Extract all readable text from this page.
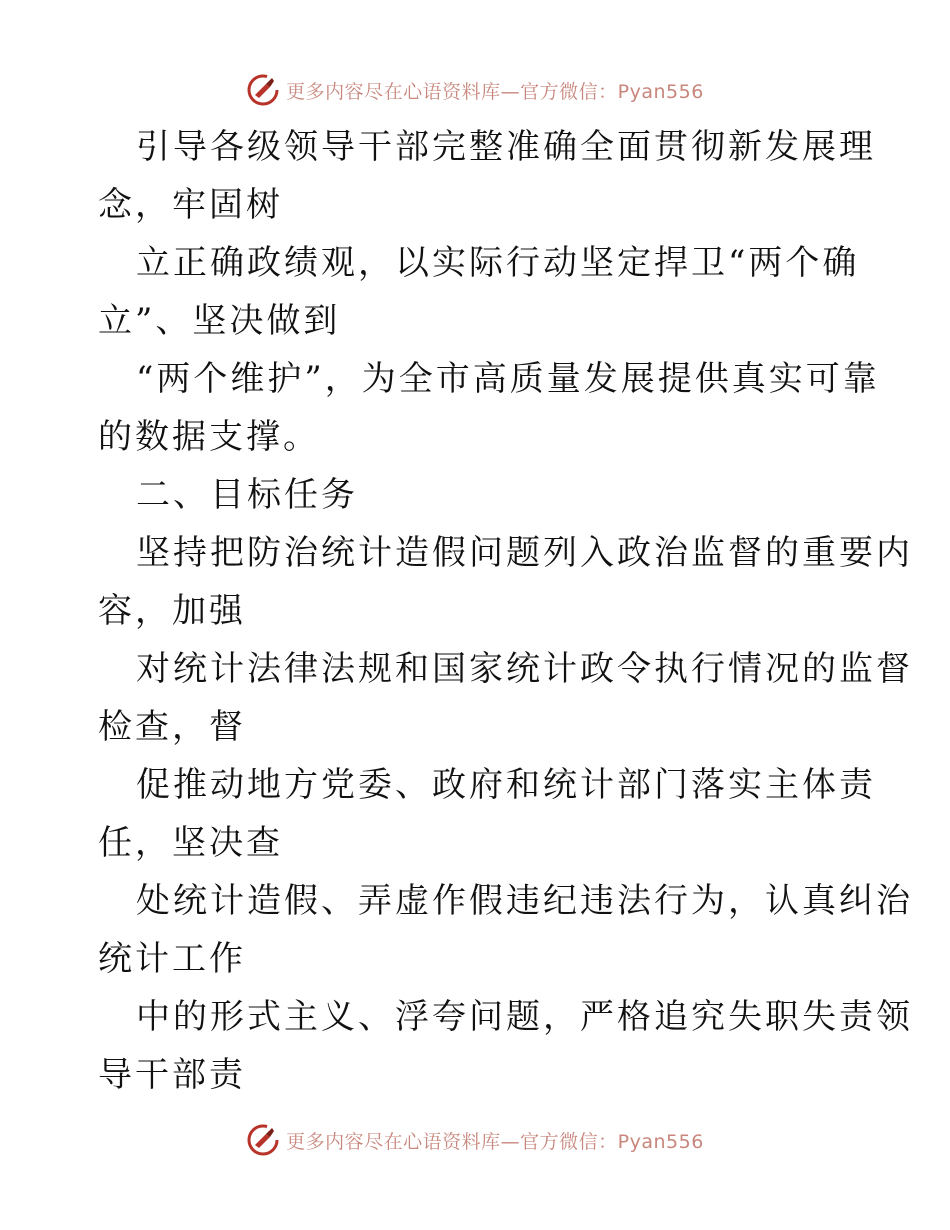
更多内容尽在心语资料库—官方微信：Pyan556

引导各级领导干部完整准确全面贯彻新发展理

念，牢固树

立正确政绩观，以实际行动坚定捍卫“两个确

立”、坚决做到

“两个维护”，为全市高质量发展提供真实可靠

的数据支撑。

二、目标任务

坚持把防治统计造假问题列入政治监督的重要内

容，加强

对统计法律法规和国家统计政令执行情况的监督

检查，督

促推动地方党委、政府和统计部门落实主体责

任，坚决查

处统计造假、弄虚作假违纪违法行为，认真纠治

统计工作

中的形式主义、浮夸问题，严格追究失职失责领

导干部责

更多内容尽在心语资料库—官方微信：Pyan556
